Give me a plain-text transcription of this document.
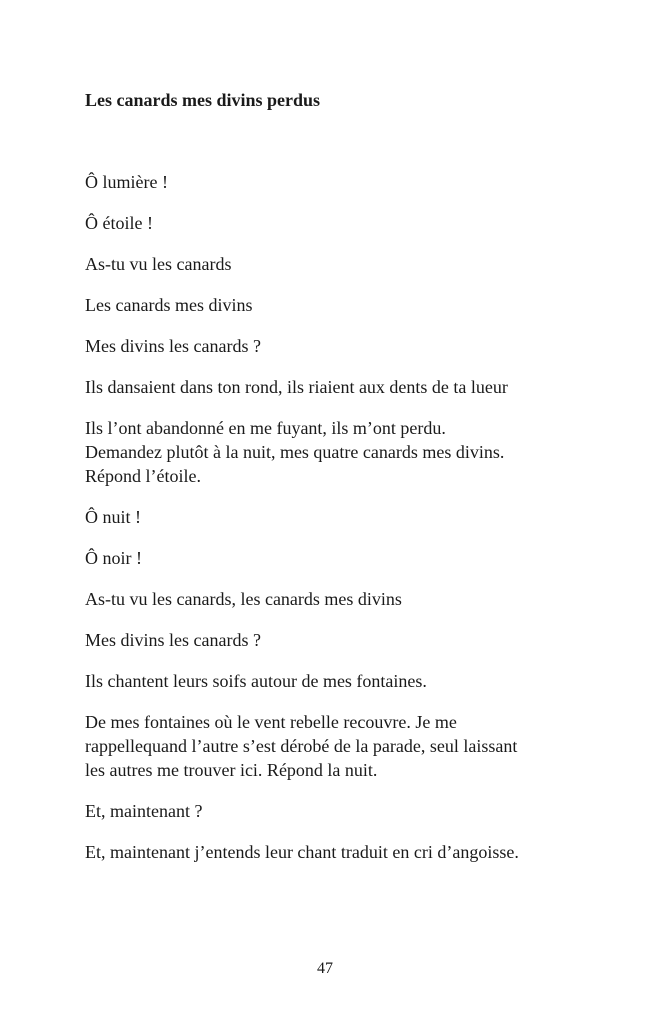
Les canards mes divins perdus

Ô lumière !

Ô étoile !

As-tu vu les canards

Les canards mes divins

Mes divins les canards ?

Ils dansaient dans ton rond, ils riaient aux dents de ta lueur

Ils l’ont abandonné en me fuyant, ils m’ont perdu.
Demandez plutôt à la nuit, mes quatre canards mes divins.
Répond l’étoile.

Ô nuit !

Ô noir !

As-tu vu les canards, les canards mes divins

Mes divins les canards ?

Ils chantent leurs soifs autour de mes fontaines.

De mes fontaines où le vent rebelle recouvre. Je me
rappellequand l’autre s’est dérobé de la parade, seul laissant
les autres me trouver ici. Répond la nuit.

Et, maintenant ?

Et, maintenant j’entends leur chant traduit en cri d’angoisse.

47
